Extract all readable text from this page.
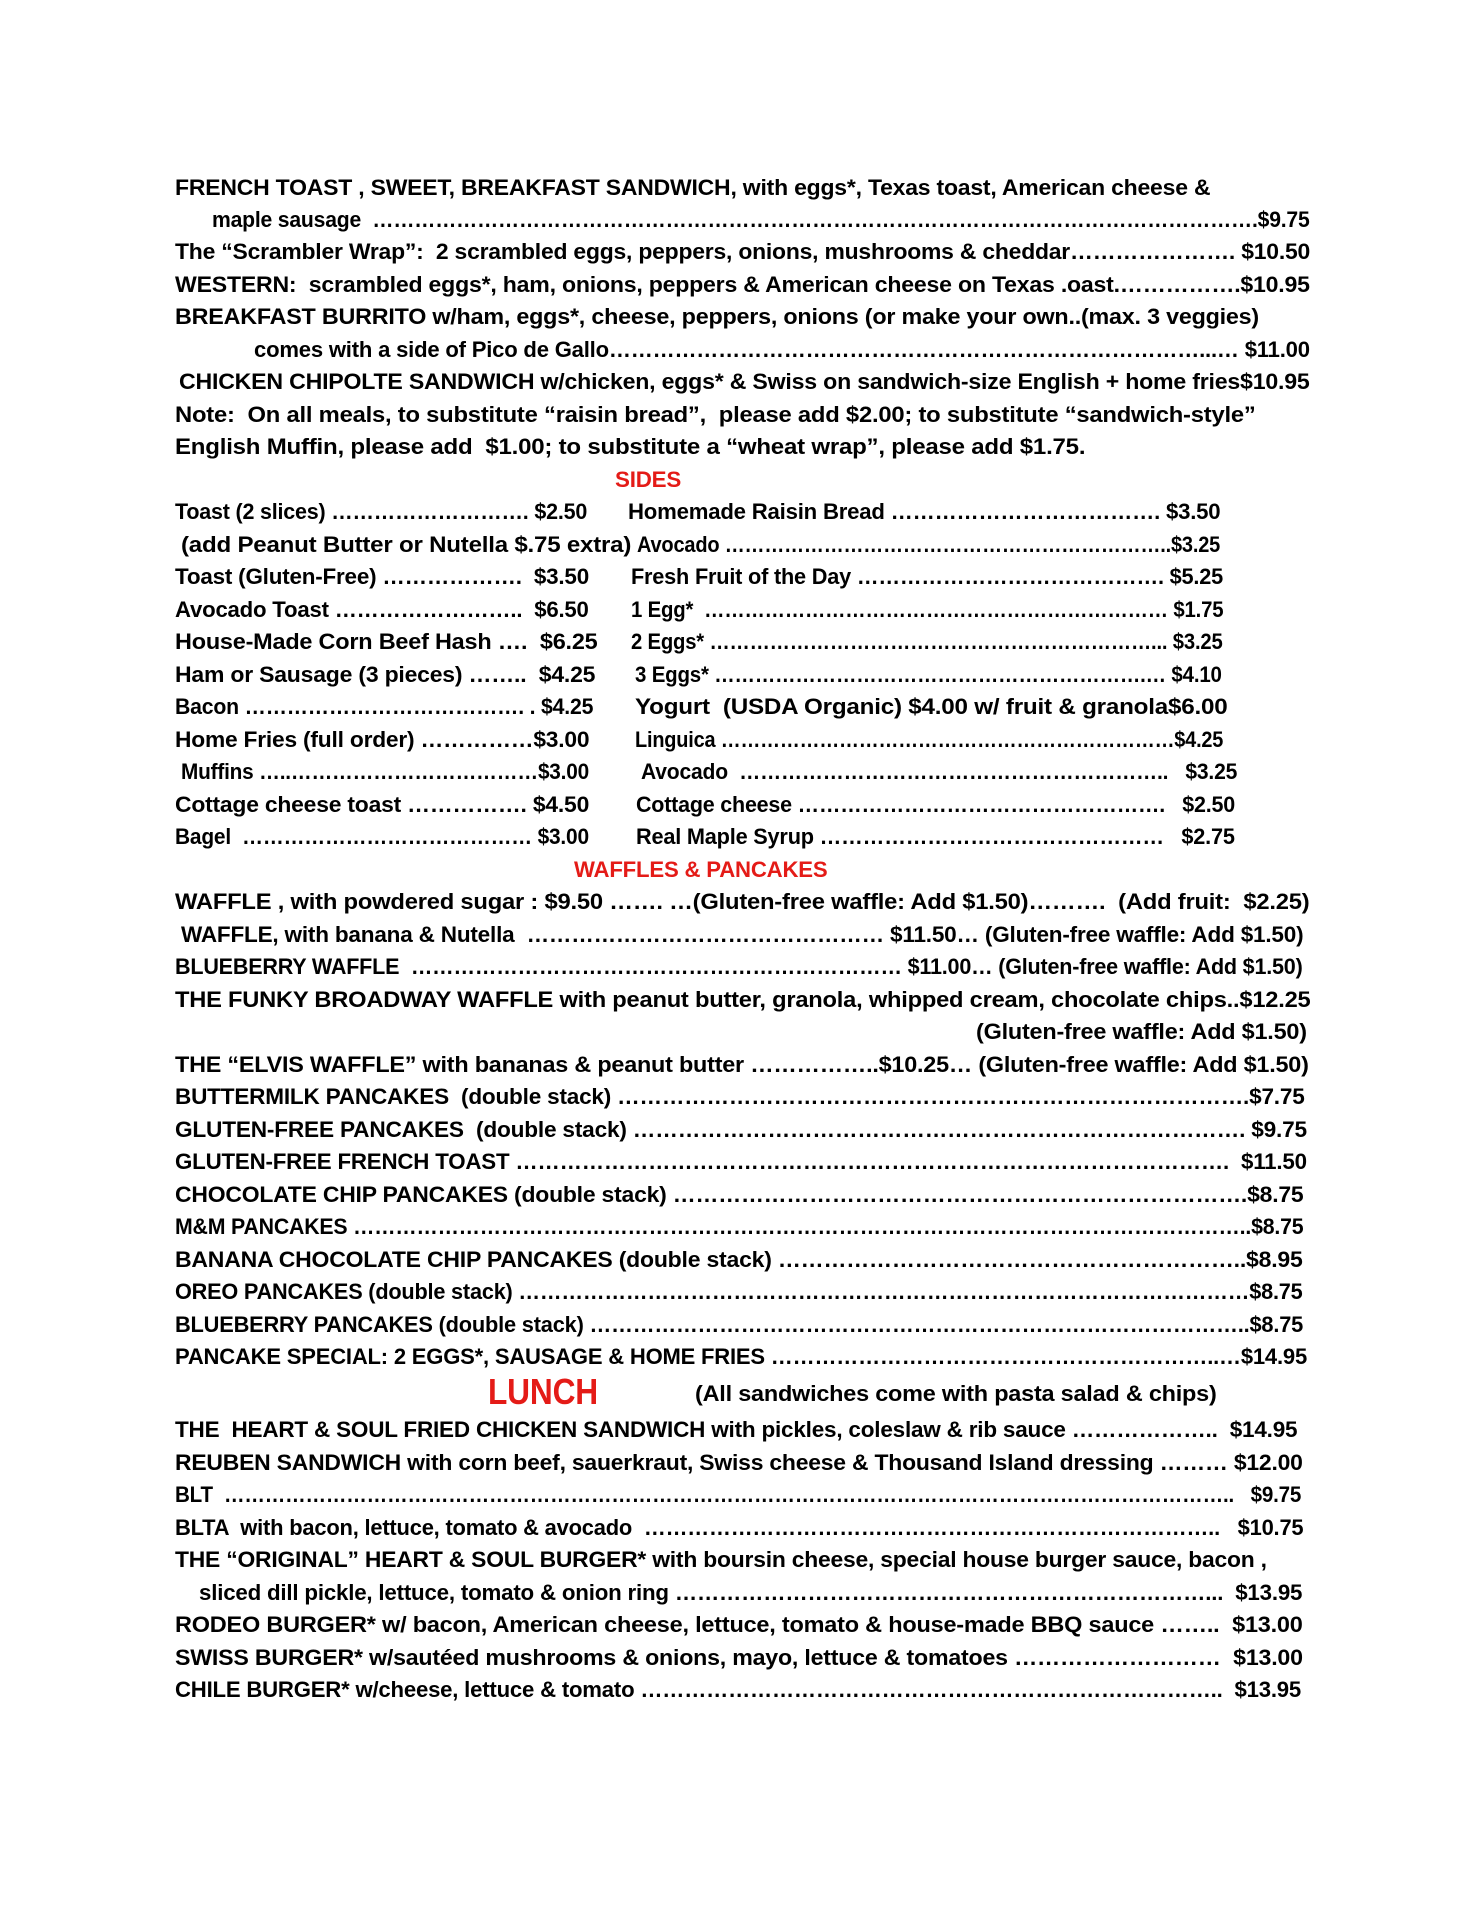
FRENCH TOAST , SWEET, BREAKFAST SANDWICH, with eggs*, Texas toast, American cheese &
maple sausage  ……………………………………………………………………………………………………………….$9.75
The “Scrambler Wrap”:  2 scrambled eggs, peppers, onions, mushrooms & cheddar…………………. $10.50
WESTERN:  scrambled eggs*, ham, onions, peppers & American cheese on Texas .oast.…………….$10.95
BREAKFAST BURRITO w/ham, eggs*, cheese, peppers, onions (or make your own..(max. 3 veggies)
comes with a side of Pico de Gallo………………………………………………………………………...… $11.00
CHICKEN CHIPOLTE SANDWICH w/chicken, eggs* & Swiss on sandwich-size English + home fries$10.95
Note:  On all meals, to substitute “raisin bread”,  please add $2.00; to substitute “sandwich-style”
English Muffin, please add  $1.00; to substitute a “wheat wrap”, please add $1.75.
SIDES
Toast (2 slices) ………………………. $2.50
(add Peanut Butter or Nutella $.75 extra)
Toast (Gluten-Free) ……………….  $3.50
Avocado Toast ……………………..  $6.50
House-Made Corn Beef Hash ….  $6.25
Ham or Sausage (3 pieces) ……..  $4.25
Bacon …………………………………. . $4.25
Home Fries (full order) ……………$3.00
Muffins …..………………………………$3.00
Cottage cheese toast ……………. $4.50
Bagel  …………………………………… $3.00
Homemade Raisin Bread ………………………………. $3.50
Avocado …………………………………………………………..$3.25
Fresh Fruit of the Day ……………………………………. $5.25
1 Egg*  …………………………………………………………… $1.75
2 Eggs* …………………………………………………………... $3.25
3 Eggs* ……………………………………………………….… $4.10
Yogurt  (USDA Organic) $4.00 w/ fruit & granola$6.00
Linguica ……………………………………………………………$4.25
Avocado  ……………………………………………………..   $3.25
Cottage cheese …………………………………………….   $2.50
Real Maple Syrup …………………………………………   $2.75
WAFFLES & PANCAKES
WAFFLE , with powdered sugar : $9.50 ……. …(Gluten-free waffle: Add $1.50)……….  (Add fruit:  $2.25)
WAFFLE, with banana & Nutella  ………………………………………… $11.50… (Gluten-free waffle: Add $1.50)
BLUEBERRY WAFFLE  …………………………………………………………… $11.00… (Gluten-free waffle: Add $1.50)
THE FUNKY BROADWAY WAFFLE with peanut butter, granola, whipped cream, chocolate chips..$12.25
(Gluten-free waffle: Add $1.50)
THE “ELVIS WAFFLE” with bananas & peanut butter ……………..$10.25… (Gluten-free waffle: Add $1.50)
BUTTERMILK PANCAKES  (double stack) ………………………………………………………………………….$7.75
GLUTEN-FREE PANCAKES  (double stack) ………………………………………………………………………. $9.75
GLUTEN-FREE FRENCH TOAST …………………………………………………………………………………….  $11.50
CHOCOLATE CHIP PANCAKES (double stack) ………………………………………………………………….$8.75
M&M PANCAKES ………………………………………………………………………………………………………………..$8.75
BANANA CHOCOLATE CHIP PANCAKES (double stack) ……………………………………………………..$8.95
OREO PANCAKES (double stack) …………………………………………………………………………………………$8.75
BLUEBERRY PANCAKES (double stack) ………………………………………………………………………………..$8.75
PANCAKE SPECIAL: 2 EGGS*, SAUSAGE & HOME FRIES ……………………………………………………..…$14.95
LUNCH	(All sandwiches come with pasta salad & chips)
THE  HEART & SOUL FRIED CHICKEN SANDWICH with pickles, coleslaw & rib sauce ………………..  $14.95
REUBEN SANDWICH with corn beef, sauerkraut, Swiss cheese & Thousand Island dressing ……… $12.00
BLT  …………………………………………………………………………………………………………………………………..   $9.75
BLTA  with bacon, lettuce, tomato & avocado  ……………………………………………………………………..   $10.75
THE “ORIGINAL” HEART & SOUL BURGER* with boursin cheese, special house burger sauce, bacon ,
sliced dill pickle, lettuce, tomato & onion ring ………………………………………………………………...  $13.95
RODEO BURGER* w/ bacon, American cheese, lettuce, tomato & house-made BBQ sauce ……..  $13.00
SWISS BURGER* w/sautéed mushrooms & onions, mayo, lettuce & tomatoes ………………………  $13.00
CHILE BURGER* w/cheese, lettuce & tomato ……………………………………………………………………..  $13.95
